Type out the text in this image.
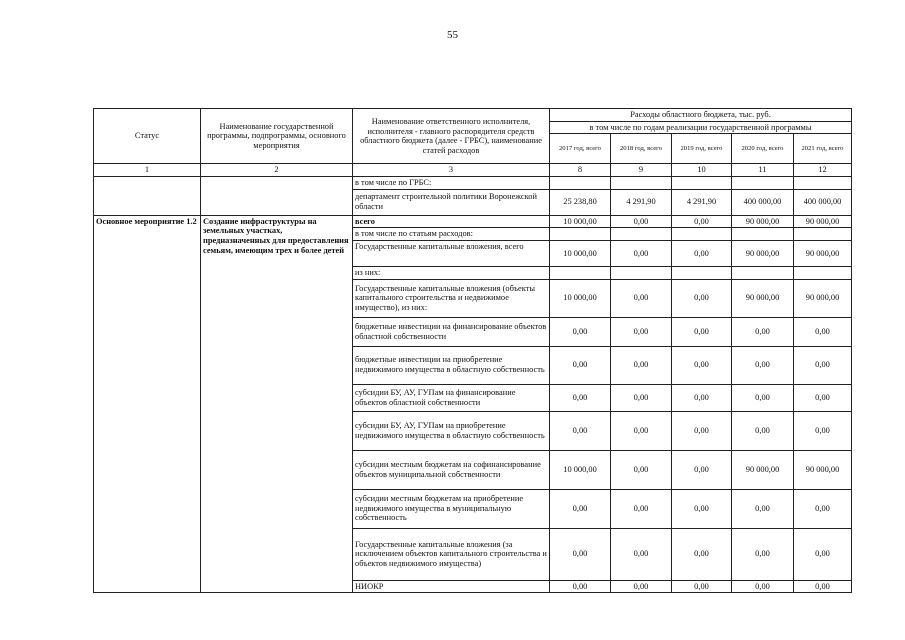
55
Статус	Наименование государственной программы, подпрограммы, основного мероприятия	Наименование ответственного исполнителя, исполнителя - главного распорядителя средств областного бюджета (далее - ГРБС), наименование статей расходов	Расходы областного бюджета, тыс. руб.				
			в том числе по годам реализации государственной программы				
			2017 год, всего	2018 год, всего	2019 год, всего	2020 год, всего	2021 год, всего
1	2	3	8	9	10	11	12
		в том числе по ГРБС:					
		департамент строительной политики Воронежской области	25 238,80	4 291,90	4 291,90	400 000,00	400 000,00
Основное мероприятие 1.2	Создание инфраструктуры на земельных участках, предназначенных для предоставления семьям, имеющим трех и более детей	всего	10 000,00	0,00	0,00	90 000,00	90 000,00
		в том числе по статьям расходов:					
		Государственные капитальные вложения, всего	10 000,00	0,00	0,00	90 000,00	90 000,00
		из них:					
		Государственные капитальные вложения (объекты капитального строительства и недвижимое имущество), из них:	10 000,00	0,00	0,00	90 000,00	90 000,00
		бюджетные инвестиции на финансирование объектов областной собственности	0,00	0,00	0,00	0,00	0,00
		бюджетные инвестиции на приобретение недвижимого имущества в областную собственность	0,00	0,00	0,00	0,00	0,00
		субсидии БУ, АУ, ГУПам на финансирование объектов областной собственности	0,00	0,00	0,00	0,00	0,00
		субсидии БУ, АУ, ГУПам на приобретение недвижимого имущества в областную собственность	0,00	0,00	0,00	0,00	0,00
		субсидии местным бюджетам на софинансирование объектов муниципальной собственности	10 000,00	0,00	0,00	90 000,00	90 000,00
		субсидии местным бюджетам на приобретение недвижимого имущества в муниципальную собственность	0,00	0,00	0,00	0,00	0,00
		Государственные капитальные вложения (за исключением объектов капитального строительства и объектов недвижимого имущества)	0,00	0,00	0,00	0,00	0,00
		НИОКР	0,00	0,00	0,00	0,00	0,00
